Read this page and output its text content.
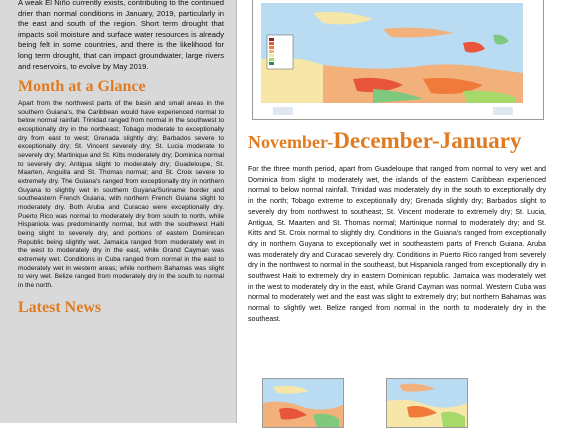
A weak El Niño currently exists, contributing to the continued drier than normal conditions in January, 2019, particularly in the east and south of the region. Short term drought that impacts soil moisture and surface water resources is already being felt in some countries, and there is the likelihood for long term drought, that can impact groundwater, large rivers and reservoirs, to evolve by May 2019.

Month at a Glance

Apart from the northwest parts of the basin and small areas in the southern Guiana's, the Caribbean would have experienced normal to below normal rainfall. Trinidad ranged from normal in the southwest to exceptionally dry in the northeast; Tobago moderate to exceptionally dry from east to west; Grenada slightly dry; Barbados severe to exceptionally dry; St. Vincent severely dry; St. Lucia moderate to severely dry; Martinique and St. Kitts moderately dry; Dominica normal to severely dry; Antigua slight to moderately dry; Guadeloupe, St. Maarten, Anguilla and St. Thomas normal; and St. Croix severe to extremely dry. The Guiana's ranged from exceptionally dry in northern Guyana to slightly wet in southern Guyana/Suriname border and southeastern French Guiana, with northern French Guiana slight to moderately dry. Both Aruba and Curacao were exceptionally dry. Puerto Rico was normal to moderately dry from south to north, while Hispaniola was predominantly normal, but with the southwest Haiti being slight to severely dry, and portions of eastern Dominican Republic being slightly wet. Jamaica ranged from moderately wet in the west to moderately dry in the east, while Grand Cayman was extremely wet. Conditions in Cuba ranged from normal in the east to moderately wet in western areas; while northern Bahamas was slight to very wet. Belize ranged from moderately dry in the south to normal in the north.

Latest News
November-December-January

For the three month period, apart from Guadeloupe that ranged from normal to very wet and Dominica from slight to moderately wet, the islands of the eastern Caribbean experienced normal to below normal rainfall. Trinidad was moderately dry in the south to exceptionally dry in the north; Tobago extreme to exceptionally dry; Grenada slightly dry; Barbados slight to severely dry from northwest to southeast; St. Vincent moderate to extremely dry; St. Lucia, Antigua, St. Maarten and St. Thomas normal; Martinique normal to moderately dry; and St. Kitts and St. Croix normal to slightly dry. Conditions in the Guiana's ranged from exceptionally dry in northern Guyana to exceptionally wet in southeastern parts of French Guiana. Aruba was moderately dry and Curacao severely dry. Conditions in Puerto Rico ranged from severely dry in the northwest to normal in the southeast, but Hispaniola ranged from exceptionally dry in southwest Haiti to extremely dry in eastern Dominican republic. Jamaica was moderately wet in the west to moderately dry in the east, while Grand Cayman was normal. Western Cuba was normal to moderately wet and the east was slight to extremely dry; but northern Bahamas was normal to slightly wet. Belize ranged from normal in the north to moderately dry in the southeast.
